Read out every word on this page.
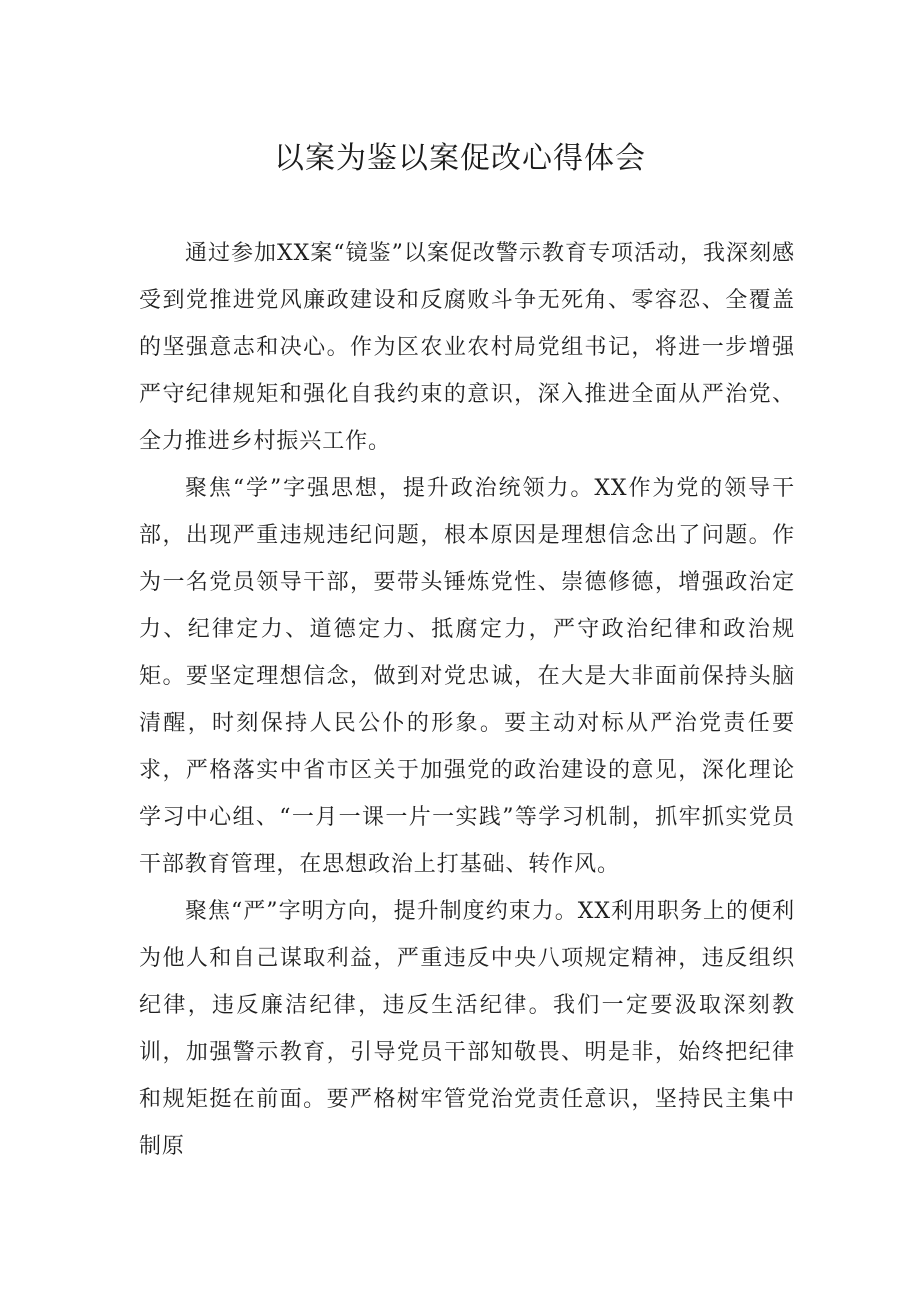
以案为鉴以案促改心得体会

通过参加XX案“镜鉴”以案促改警示教育专项活动，我深刻感受到党推进党风廉政建设和反腐败斗争无死角、零容忍、全覆盖的坚强意志和决心。作为区农业农村局党组书记，将进一步增强严守纪律规矩和强化自我约束的意识，深入推进全面从严治党、全力推进乡村振兴工作。

聚焦“学”字强思想，提升政治统领力。XX作为党的领导干部，出现严重违规违纪问题，根本原因是理想信念出了问题。作为一名党员领导干部，要带头锤炼党性、崇德修德，增强政治定力、纪律定力、道德定力、抵腐定力，严守政治纪律和政治规矩。要坚定理想信念，做到对党忠诚，在大是大非面前保持头脑清醒，时刻保持人民公仆的形象。要主动对标从严治党责任要求，严格落实中省市区关于加强党的政治建设的意见，深化理论学习中心组、“一月一课一片一实践”等学习机制，抓牢抓实党员干部教育管理，在思想政治上打基础、转作风。

聚焦“严”字明方向，提升制度约束力。XX利用职务上的便利为他人和自己谋取利益，严重违反中央八项规定精神，违反组织纪律，违反廉洁纪律，违反生活纪律。我们一定要汲取深刻教训，加强警示教育，引导党员干部知敬畏、明是非，始终把纪律和规矩挺在前面。要严格树牢管党治党责任意识，坚持民主集中制原
